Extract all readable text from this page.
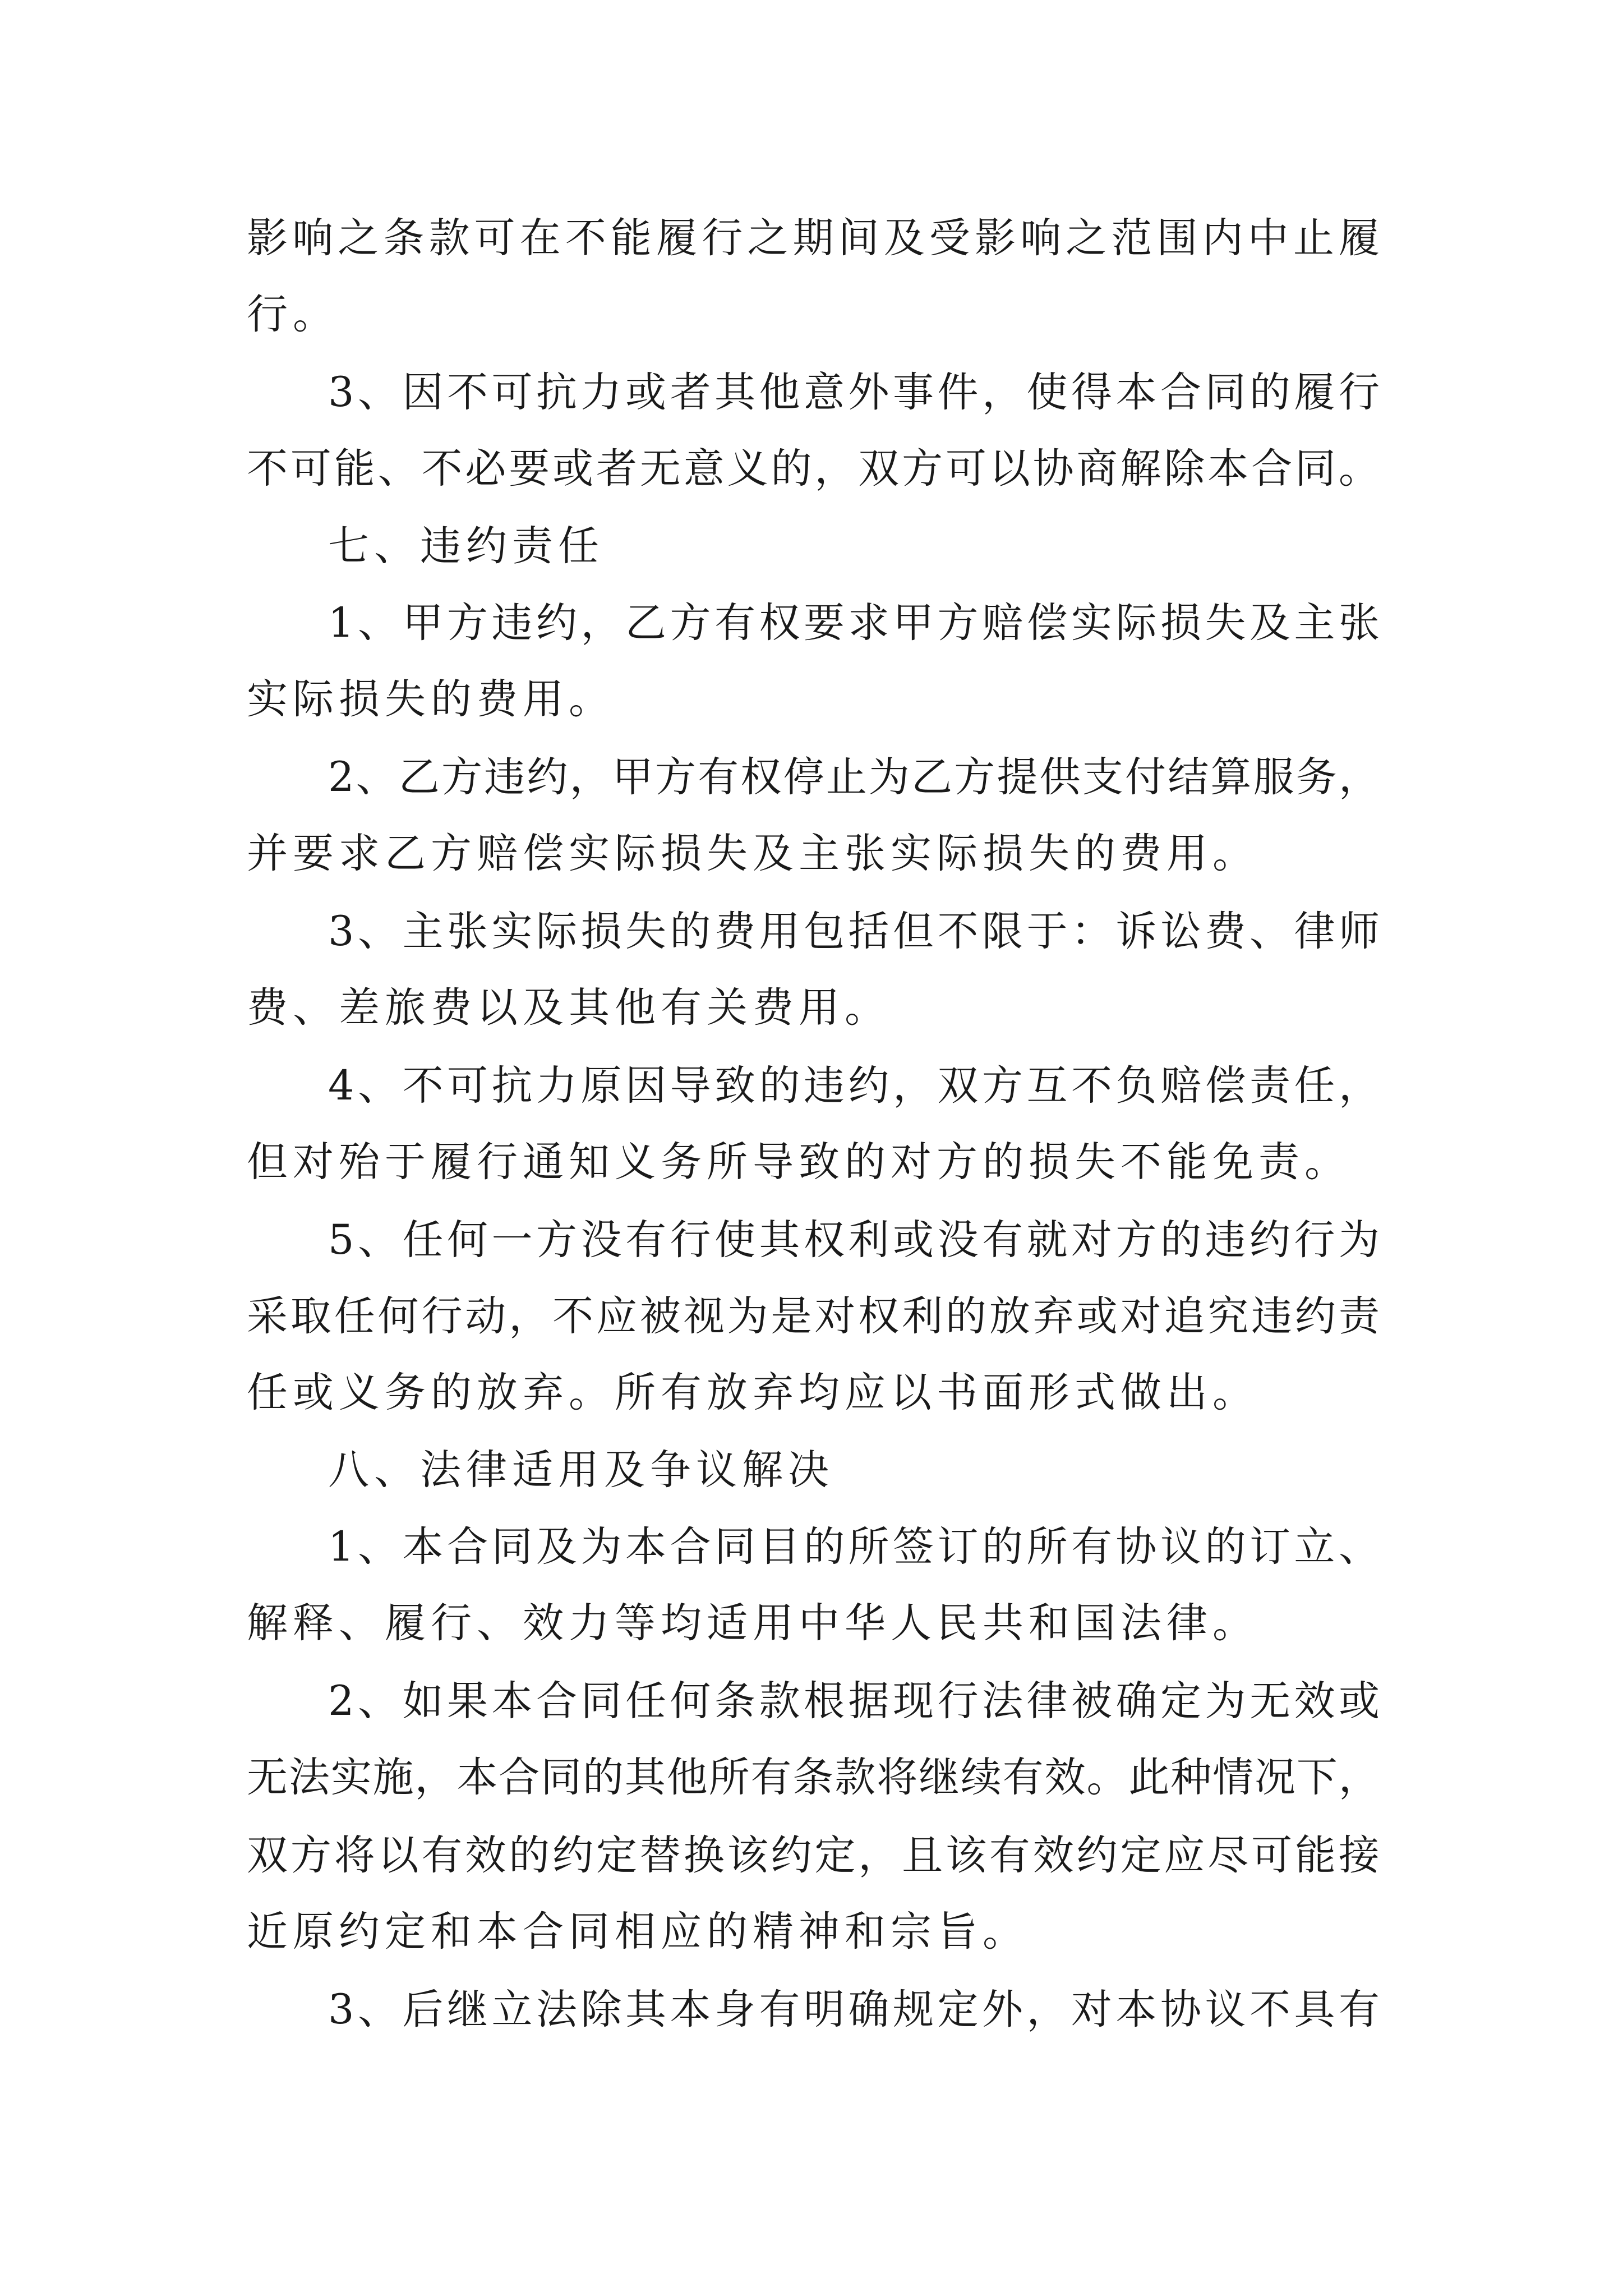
影 响 之 条 款 可 在 不 能 履 行 之 期 间 及 受 影 响 之 范 围 内 中 止 履
行。
3 、 因 不 可 抗 力 或 者 其 他 意 外 事 件 ， 使 得 本 合 同 的 履 行
不 可 能 、 不 必 要 或 者 无 意 义 的 ， 双 方 可 以 协 商 解 除 本 合 同 。
七、违约责任
1 、 甲 方 违 约 ， 乙 方 有 权 要 求 甲 方 赔 偿 实 际 损 失 及 主 张
实际损失的费用。
2 、 乙 方 违 约 ， 甲 方 有 权 停 止 为 乙 方 提 供 支 付 结 算 服 务 ，
并要求乙方赔偿实际损失及主张实际损失的费用。
3 、 主 张 实 际 损 失 的 费 用 包 括 但 不 限 于 ： 诉 讼 费 、 律 师
费、差旅费以及其他有关费用。
4 、 不 可 抗 力 原 因 导 致 的 违 约 ， 双 方 互 不 负 赔 偿 责 任 ，
但对殆于履行通知义务所导致的对方的损失不能免责。
5 、 任 何 一 方 没 有 行 使 其 权 利 或 没 有 就 对 方 的 违 约 行 为
采 取 任 何 行 动 ， 不 应 被 视 为 是 对 权 利 的 放 弃 或 对 追 究 违 约 责
任或义务的放弃。所有放弃均应以书面形式做出。
八、法律适用及争议解决
1 、 本 合 同 及 为 本 合 同 目 的 所 签 订 的 所 有 协 议 的 订 立 、
解释、履行、效力等均适用中华人民共和国法律。
2 、 如 果 本 合 同 任 何 条 款 根 据 现 行 法 律 被 确 定 为 无 效 或
无 法 实 施 ， 本 合 同 的 其 他 所 有 条 款 将 继 续 有 效 。 此 种 情 况 下 ，
双 方 将 以 有 效 的 约 定 替 换 该 约 定 ， 且 该 有 效 约 定 应 尽 可 能 接
近原约定和本合同相应的精神和宗旨。
3 、 后 继 立 法 除 其 本 身 有 明 确 规 定 外 ， 对 本 协 议 不 具 有
